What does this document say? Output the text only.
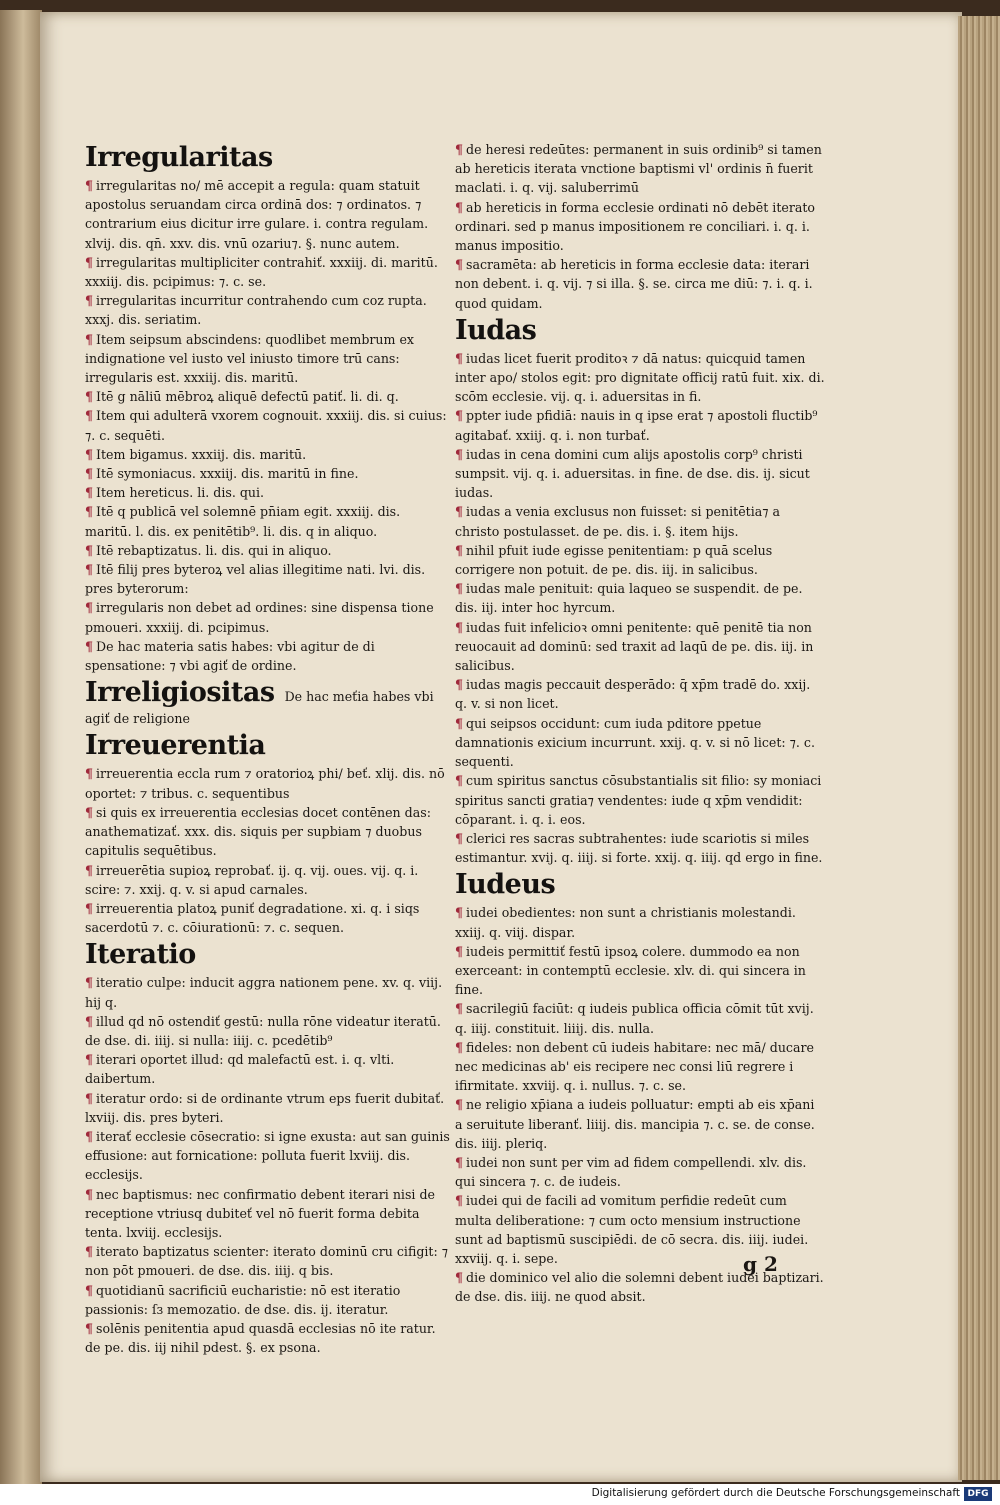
Irregularitas

¶ irregularitas no/ mē accepit a regula: quam statuit apostolus seruandam circa ordinā dos: ⁊ ordinatos. ⁊ contrarium eius dicitur irre gulare. i. contra regulam. xlvij. dis. qn̄. xxv. dis. vnū ozariu⁊. §. nunc autem.

¶ irregularitas multipliciter contrahiť. xxxiij. di. maritū. xxxiij. dis. pcipimus: ⁊. c. se.

¶ irregularitas incurritur contrahendo cum coz rupta. xxxj. dis. seriatim.

¶ Item seipsum abscindens: quodlibet membrum ex indignatione vel iusto vel iniusto timore trū cans: irregularis est. xxxiij. dis. maritū.

¶ Itē g nāliū mēbroꝝ aliquē defectū patiť. li. di. q.

¶ Item qui adulterā vxorem cognouit. xxxiij. dis. si cuius: ⁊. c. sequēti.

¶ Item bigamus. xxxiij. dis. maritū.

¶ Itē symoniacus. xxxiij. dis. maritū in fine.

¶ Item hereticus. li. dis. qui.

¶ Itē q publicā vel solemnē pn̄iam egit. xxxiij. dis. maritū. l. dis. ex penitētib⁹. li. dis. q in aliquo.

¶ Itē rebaptizatus. li. dis. qui in aliquo.

¶ Itē filij pres byteroꝝ vel alias illegitime nati. lvi. dis. pres byterorum:

¶ irregularis non debet ad ordines: sine dispensa tione pmoueri. xxxiij. di. pcipimus.

¶ De hac materia satis habes: vbi agitur de di spensatione: ⁊ vbi agiť de ordine.

Irreligiositas De hac meťia habes vbi agiť de religione
Irreuerentia

¶ irreuerentia eccla rum ⁊ oratorioꝝ phi/ beť. xlij. dis. nō oportet: ⁊ tribus. c. sequentibus

¶ si quis ex irreuerentia ecclesias docet contēnen das: anathematizať. xxx. dis. siquis per supbiam ⁊ duobus capitulis sequētibus.

¶ irreuerētia supioꝝ reprobať. ij. q. vij. oues. vij. q. i. scire: ⁊. xxij. q. v. si apud carnales.

¶ irreuerentia platoꝝ puniť degradatione. xi. q. i siqs sacerdotū ⁊. c. cōiurationū: ⁊. c. sequen.

Iteratio

¶ iteratio culpe: inducit aggra nationem pene. xv. q. viij. hij q.

¶ illud qd nō ostendiť gestū: nulla rōne videatur iteratū. de dse. di. iiij. si nulla: iiij. c. pcedētib⁹

¶ iterari oportet illud: qd malefactū est. i. q. vlti. daibertum.

¶ iteratur ordo: si de ordinante vtrum eps fuerit dubitať. lxviij. dis. pres byteri.

¶ iterať ecclesie cōsecratio: si igne exusta: aut san guinis effusione: aut fornicatione: polluta fuerit lxviij. dis. ecclesijs.

¶ nec baptismus: nec confirmatio debent iterari nisi de receptione vtriusq dubiteť vel nō fuerit forma debita tenta. lxviij. ecclesijs.

¶ iterato baptizatus scienter: iterato dominū cru cifigit: ⁊ non pōt pmoueri. de dse. dis. iiij. q bis.

¶ quotidianū sacrificiū eucharistie: nō est iteratio passionis: ſɜ memozatio. de dse. dis. ij. iteratur.

¶ solēnis penitentia apud quasdā ecclesias nō ite ratur. de pe. dis. iij nihil pdest. §. ex psona.

¶ de heresi redeūtes: permanent in suis ordinib⁹ si tamen ab hereticis iterata vnctione baptismi vl' ordinis n̄ fuerit maclati. i. q. vij. saluberrimū

¶ ab hereticis in forma ecclesie ordinati nō debēt iterato ordinari. sed p manus impositionem re conciliari. i. q. i. manus impositio.

¶ sacramēta: ab hereticis in forma ecclesie data: iterari non debent. i. q. vij. ⁊ si illa. §. se. circa me diū: ⁊. i. q. i. quod quidam.

Iudas

¶ iudas licet fuerit proditoꝛ ⁊ dā natus: quicquid tamen inter apo/ stolos egit: pro dignitate officij ratū fuit. xix. di. scōm ecclesie. vij. q. i. aduersitas in fi.

¶ ppter iude pfidiā: nauis in q ipse erat ⁊ apostoli fluctib⁹ agitabať. xxiij. q. i. non turbať.

¶ iudas in cena domini cum alijs apostolis corp⁹ christi sumpsit. vij. q. i. aduersitas. in fine. de dse. dis. ij. sicut iudas.

¶ iudas a venia exclusus non fuisset: si penitētia⁊ a christo postulasset. de pe. dis. i. §. item hijs.

¶ nihil pfuit iude egisse penitentiam: p quā scelus corrigere non potuit. de pe. dis. iij. in salicibus.

¶ iudas male penituit: quia laqueo se suspendit. de pe. dis. iij. inter hoc hyrcum.

¶ iudas fuit infelicioꝛ omni penitente: quē penitē tia non reuocauit ad dominū: sed traxit ad laqū de pe. dis. iij. in salicibus.

¶ iudas magis peccauit desperādo: q̄ xp̄m tradē do. xxij. q. v. si non licet.

¶ qui seipsos occidunt: cum iuda pditore ppetue damnationis exicium incurrunt. xxij. q. v. si nō licet: ⁊. c. sequenti.

¶ cum spiritus sanctus cōsubstantialis sit filio: sy moniaci spiritus sancti gratia⁊ vendentes: iude q xp̄m vendidit: cōparant. i. q. i. eos.

¶ clerici res sacras subtrahentes: iude scariotis si miles estimantur. xvij. q. iiij. si forte. xxij. q. iiij. qd ergo in fine.

Iudeus

¶ iudei obedientes: non sunt a christianis molestandi. xxiij. q. viij. dispar.

¶ iudeis permittiť festū ipsoꝝ colere. dummodo ea non exerceant: in contemptū ecclesie. xlv. di. qui sincera in fine.

¶ sacrilegiū faciūt: q iudeis publica officia cōmit tūt xvij. q. iiij. constituit. liiij. dis. nulla.

¶ fideles: non debent cū iudeis habitare: nec mā/ ducare nec medicinas ab' eis recipere nec consi liū regrere i ifirmitate. xxviij. q. i. nullus. ⁊. c. se.

¶ ne religio xp̄iana a iudeis polluatur: empti ab eis xp̄ani a seruitute liberanť. liiij. dis. mancipia ⁊. c. se. de conse. dis. iiij. pleriq.

¶ iudei non sunt per vim ad fidem compellendi. xlv. dis. qui sincera ⁊. c. de iudeis.

¶ iudei qui de facili ad vomitum perfidie redeūt cum multa deliberatione: ⁊ cum octo mensium instructione sunt ad baptismū suscipiēdi. de cō secra. dis. iiij. iudei. xxviij. q. i. sepe.

¶ die dominico vel alio die solemni debent iudei baptizari. de dse. dis. iiij. ne quod absit.

g 2
Digitalisierung gefördert durch die Deutsche Forschungsgemeinschaft DFG
